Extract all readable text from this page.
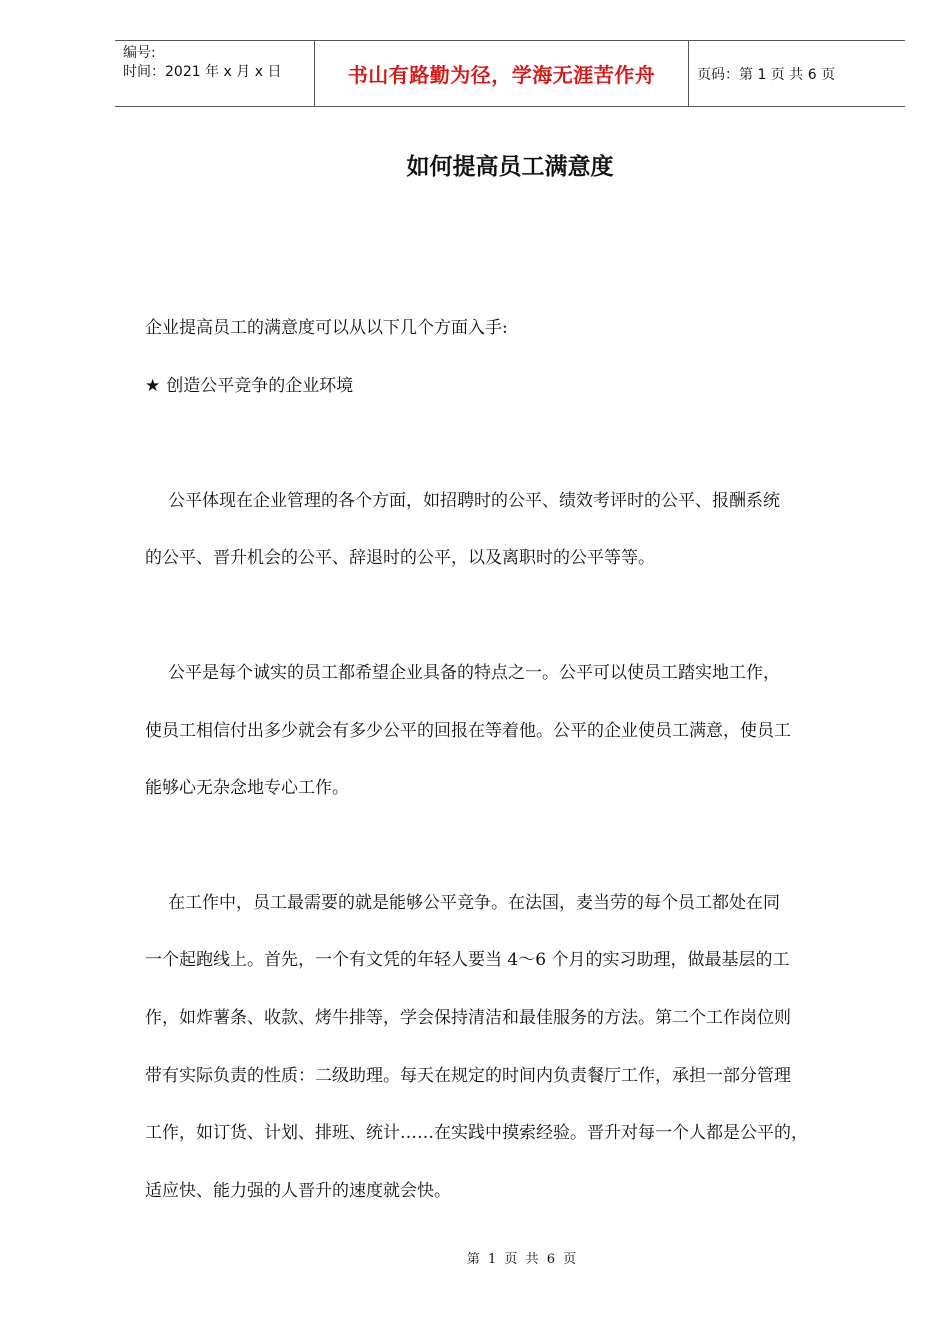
编号:
时间：2021 年 x 月 x 日	书山有路勤为径，学海无涯苦作舟	页码：第 1 页 共 6 页
如何提高员工满意度
企业提高员工的满意度可以从以下几个方面入手:
★ 创造公平竞争的企业环境
公平体现在企业管理的各个方面，如招聘时的公平、绩效考评时的公平、报酬系统
的公平、晋升机会的公平、辞退时的公平，以及离职时的公平等等。
公平是每个诚实的员工都希望企业具备的特点之一。公平可以使员工踏实地工作，
使员工相信付出多少就会有多少公平的回报在等着他。公平的企业使员工满意，使员工
能够心无杂念地专心工作。
在工作中，员工最需要的就是能够公平竞争。在法国，麦当劳的每个员工都处在同
一个起跑线上。首先，一个有文凭的年轻人要当 4～6 个月的实习助理，做最基层的工
作，如炸薯条、收款、烤牛排等，学会保持清洁和最佳服务的方法。第二个工作岗位则
带有实际负责的性质：二级助理。每天在规定的时间内负责餐厅工作，承担一部分管理
工作，如订货、计划、排班、统计……在实践中摸索经验。晋升对每一个人都是公平的，
适应快、能力强的人晋升的速度就会快。
第 1 页 共 6 页
